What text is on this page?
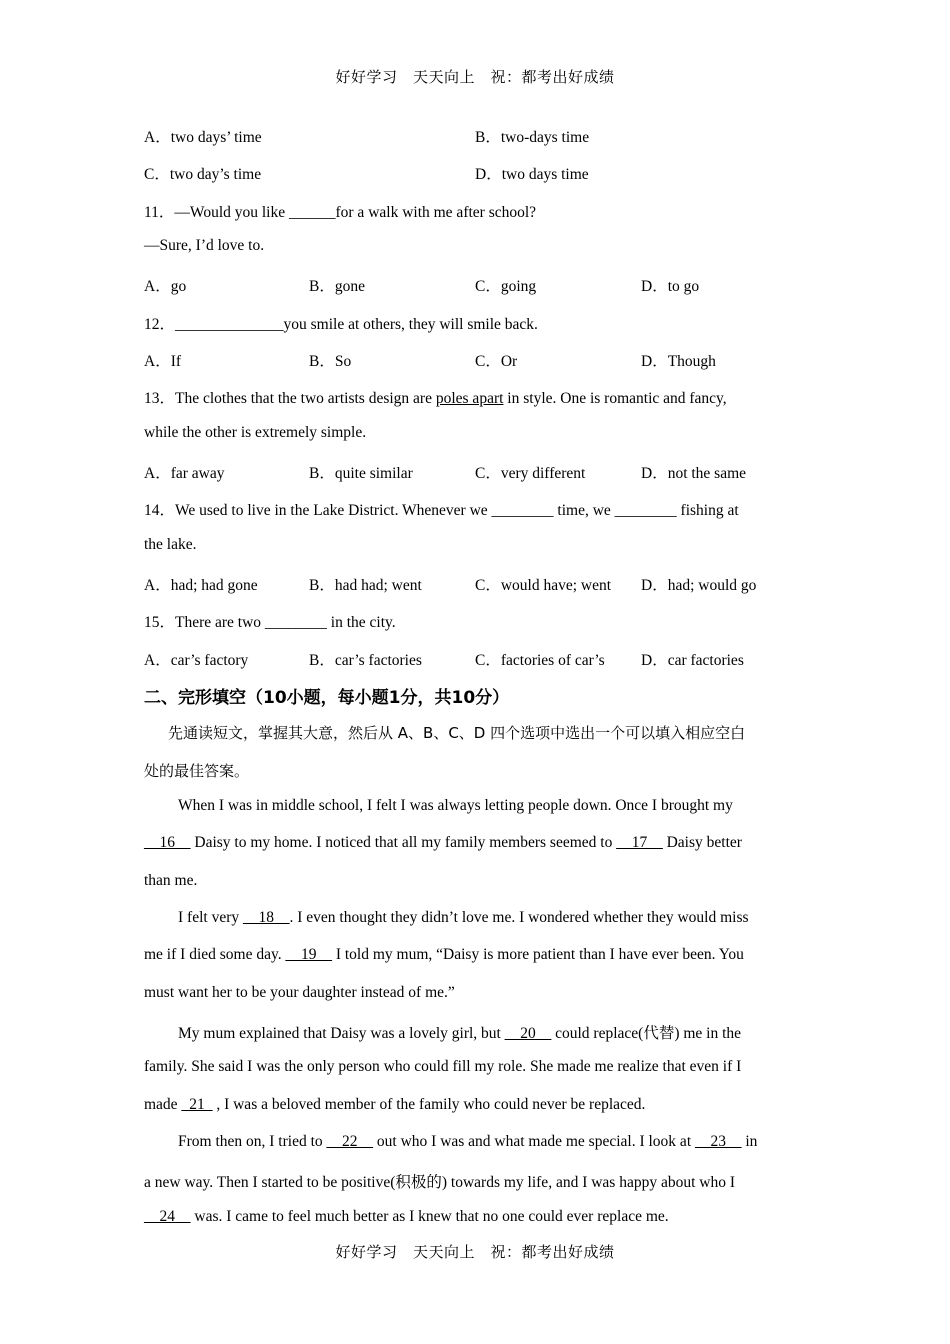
好好学习　天天向上　祝：都考出好成绩
A．two days’ time	B．two-days time
C．two day’s time	D．two days time
11．—Would you like ______for a walk with me after school?
—Sure, I’d love to.
A．go	B．gone	C．going	D．to go
12．______________you smile at others, they will smile back.
A．If	B．So	C．Or	D．Though
13．The clothes that the two artists design are poles apart in style. One is romantic and fancy,
while the other is extremely simple.
A．far away	B．quite similar	C．very different	D．not the same
14．We used to live in the Lake District. Whenever we ________ time, we ________ fishing at
the lake.
A．had; had gone	B．had had; went	C．would have; went D．had; would go
15．There are two ________ in the city.
A．car’s factory	B．car’s factories	C．factories of car’s D．car factories
二、完形填空（10小题，每小题1分，共10分）
先通读短文，掌握其大意，然后从 A、B、C、D 四个选项中选出一个可以填入相应空白
处的最佳答案。
When I was in middle school, I felt I was always letting people down. Once I brought my
__16__ Daisy to my home. I noticed that all my family members seemed to __17__ Daisy better
than me.
I felt very __18__. I even thought they didn’t love me. I wondered whether they would miss
me if I died some day. __19__ I told my mum, “Daisy is more patient than I have ever been. You
must want her to be your daughter instead of me.”
My mum explained that Daisy was a lovely girl, but __20__ could replace(代替) me in the
family. She said I was the only person who could fill my role. She made me realize that even if I
made _21_ , I was a beloved member of the family who could never be replaced.
From then on, I tried to __22__ out who I was and what made me special. I look at __23__ in
a new way. Then I started to be positive(积极的) towards my life, and I was happy about who I
__24__ was. I came to feel much better as I knew that no one could ever replace me.
好好学习　天天向上　祝：都考出好成绩
